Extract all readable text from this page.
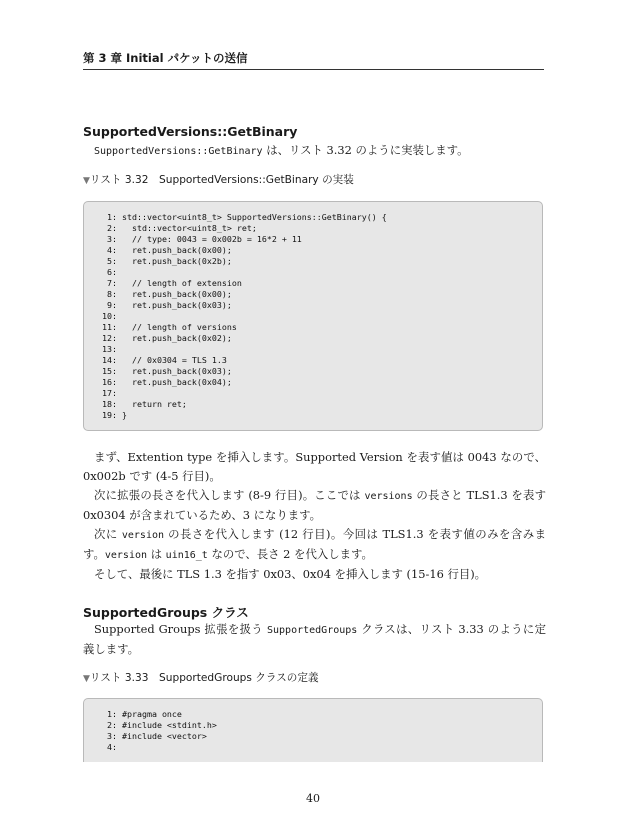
第 3 章 Initial パケットの送信
SupportedVersions::GetBinary

SupportedVersions::GetBinary は、リスト 3.32 のように実装します。

▼リスト 3.32　SupportedVersions::GetBinary の実装
1: std::vector<uint8_t> SupportedVersions::GetBinary() {
2:   std::vector<uint8_t> ret;
3:   // type: 0043 = 0x002b = 16*2 + 11
4:   ret.push_back(0x00);
5:   ret.push_back(0x2b);
6:
7:   // length of extension
8:   ret.push_back(0x00);
9:   ret.push_back(0x03);
10:
11:   // length of versions
12:   ret.push_back(0x02);
13:
14:   // 0x0304 = TLS 1.3
15:   ret.push_back(0x03);
16:   ret.push_back(0x04);
17:
18:   return ret;
19: }

まず、Extention type を挿入します。Supported Version を表す値は 0043 なので、0x002b です (4-5 行目)。

次に拡張の長さを代入します (8-9 行目)。ここでは versions の長さと TLS1.3 を表す 0x0304 が含まれているため、3 になります。

次に version の長さを代入します (12 行目)。今回は TLS1.3 を表す値のみを含みます。version は uin16_t なので、長さ 2 を代入します。

そして、最後に TLS 1.3 を指す 0x03、0x04 を挿入します (15-16 行目)。

SupportedGroups クラス

Supported Groups 拡張を扱う SupportedGroups クラスは、リスト 3.33 のように定義します。

▼リスト 3.33　SupportedGroups クラスの定義
1: #pragma once
2: #include <stdint.h>
3: #include <vector>
4:
40
